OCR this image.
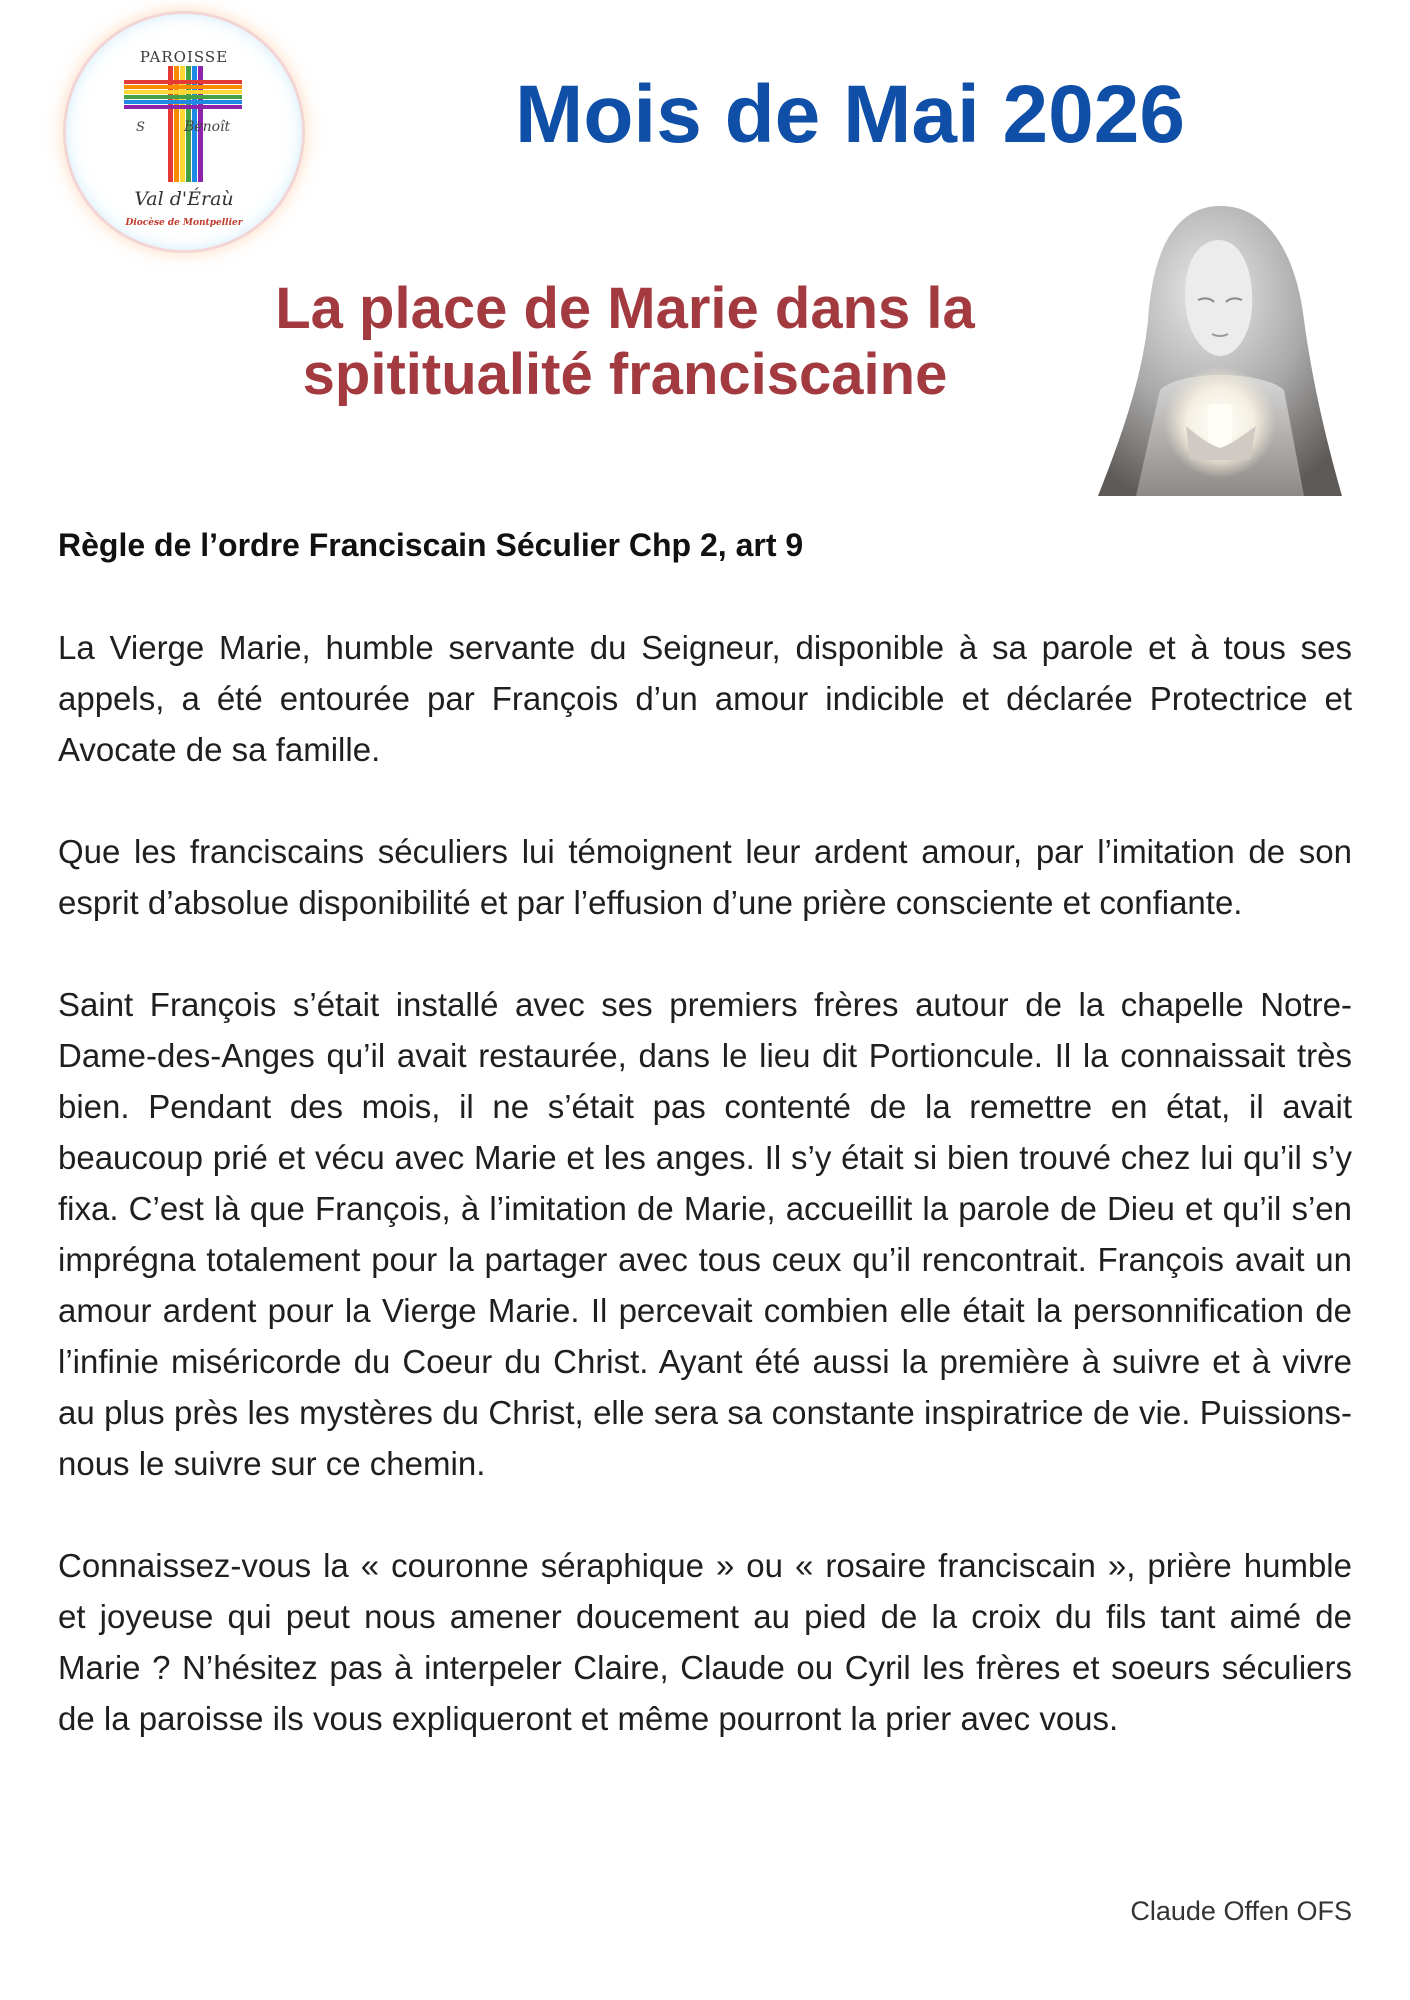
PAROISSE
S	Benoît
Val d'Éraù
Diocèse de Montpellier
Mois de Mai 2026
La place de Marie dans la
spititualité franciscaine
Règle de l’ordre Franciscain Séculier Chp 2, art 9

La Vierge Marie, humble servante du Seigneur, disponible à sa parole et à tous ses appels, a été entourée par François d’un amour indicible et déclarée Protectrice et Avocate de sa famille.

Que les franciscains séculiers lui témoignent leur ardent amour, par l’imitation de son esprit d’absolue disponibilité et par l’effusion d’une prière consciente et confiante.

Saint François s’était installé avec ses premiers frères autour de la chapelle Notre-Dame-des-Anges qu’il avait restaurée, dans le lieu dit Portioncule. Il la connaissait très bien. Pendant des mois, il ne s’était pas contenté de la remettre en état, il avait beaucoup prié et vécu avec Marie et les anges. Il s’y était si bien trouvé chez lui qu’il s’y fixa. C’est là que François, à l’imitation de Marie, accueillit la parole de Dieu et qu’il s’en imprégna totalement pour la partager avec tous ceux qu’il rencontrait. François avait un amour ardent pour la Vierge Marie. Il percevait combien elle était la personnification de l’infinie miséricorde du Coeur du Christ. Ayant été aussi la première à suivre et à vivre au plus près les mystères du Christ, elle sera sa constante inspiratrice de vie. Puissions-nous le suivre sur ce chemin.

Connaissez-vous la « couronne séraphique » ou « rosaire franciscain », prière humble et joyeuse qui peut nous amener doucement au pied de la croix du fils tant aimé de Marie ? N’hésitez pas à interpeler Claire, Claude ou Cyril les frères et soeurs séculiers de la paroisse ils vous expliqueront et même pourront la prier avec vous.

Claude Offen OFS
